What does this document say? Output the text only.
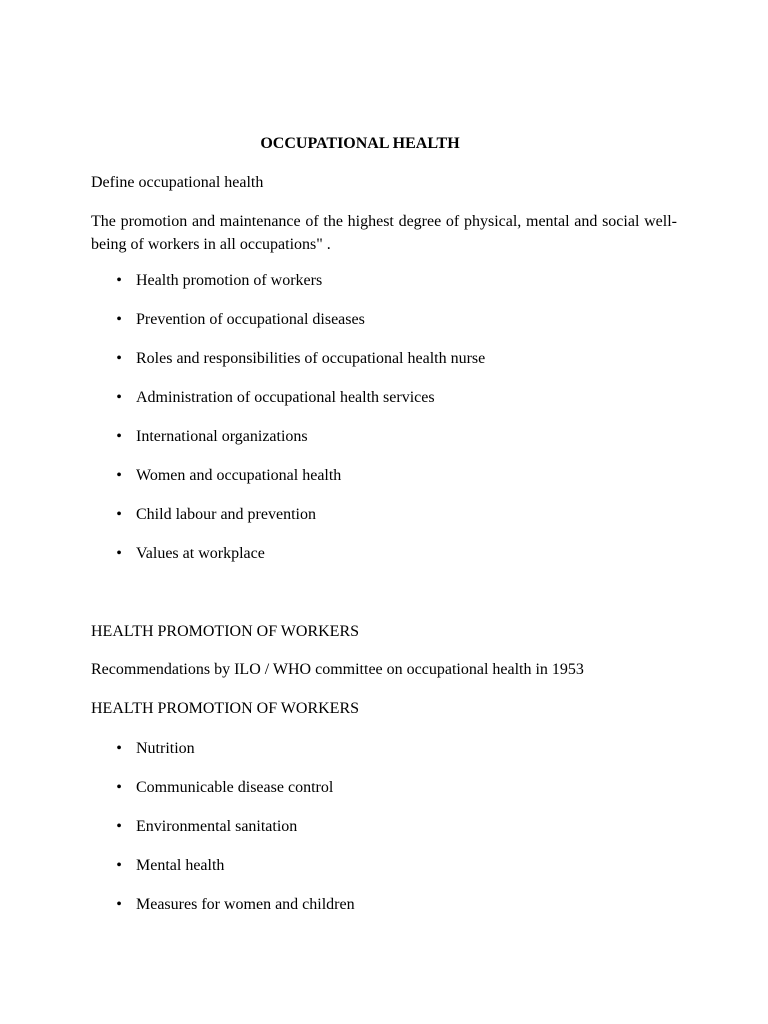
OCCUPATIONAL HEALTH

Define occupational health

The promotion and maintenance of the highest degree of physical, mental and social well-being of workers in all occupations" .

• Health promotion of workers
• Prevention of occupational diseases
• Roles and responsibilities of occupational health nurse
• Administration of occupational health services
• International organizations
• Women and occupational health
• Child labour and prevention
• Values at workplace

HEALTH PROMOTION OF WORKERS

Recommendations by ILO / WHO committee on occupational health in 1953

HEALTH PROMOTION OF WORKERS

• Nutrition
• Communicable disease control
• Environmental sanitation
• Mental health
• Measures for women and children
